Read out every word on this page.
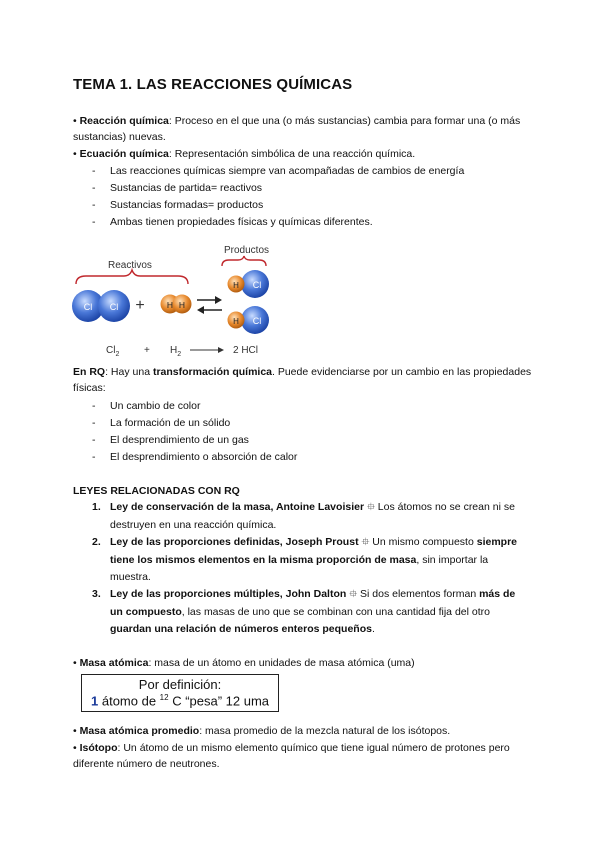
TEMA 1. LAS REACCIONES QUÍMICAS
• Reacción química: Proceso en el que una (o más sustancias) cambia para formar una (o más sustancias) nuevas.
• Ecuación química: Representación simbólica de una reacción química.
- Las reacciones químicas siempre van acompañadas de cambios de energía
- Sustancias de partida= reactivos
- Sustancias formadas= productos
- Ambas tienen propiedades físicas y químicas diferentes.
Reactivos
Productos
Cl Cl +	H H
H Cl
H Cl
$Cl_2 + H_2$	2 HCl
En RQ: Hay una transformación química. Puede evidenciarse por un cambio en las propiedades físicas:
- Un cambio de color
- La formación de un sólido
- El desprendimiento de un gas
- El desprendimiento o absorción de calor
LEYES RELACIONADAS CON RQ
1. Ley de conservación de la masa, Antoine Lavoisier ⯐ Los átomos no se crean ni se destruyen en una reacción química.
2. Ley de las proporciones definidas, Joseph Proust ⯐ Un mismo compuesto siempre tiene los mismos elementos en la misma proporción de masa, sin importar la muestra.
3. Ley de las proporciones múltiples, John Dalton ⯐ Si dos elementos forman más de un compuesto, las masas de uno que se combinan con una cantidad fija del otro guardan una relación de números enteros pequeños.
• Masa atómica: masa de un átomo en unidades de masa atómica (uma)
Por definición:
1 átomo de $^{12}$ C “pesa” 12 uma
• Masa atómica promedio: masa promedio de la mezcla natural de los isótopos.
• Isótopo: Un átomo de un mismo elemento químico que tiene igual número de protones pero diferente número de neutrones.
